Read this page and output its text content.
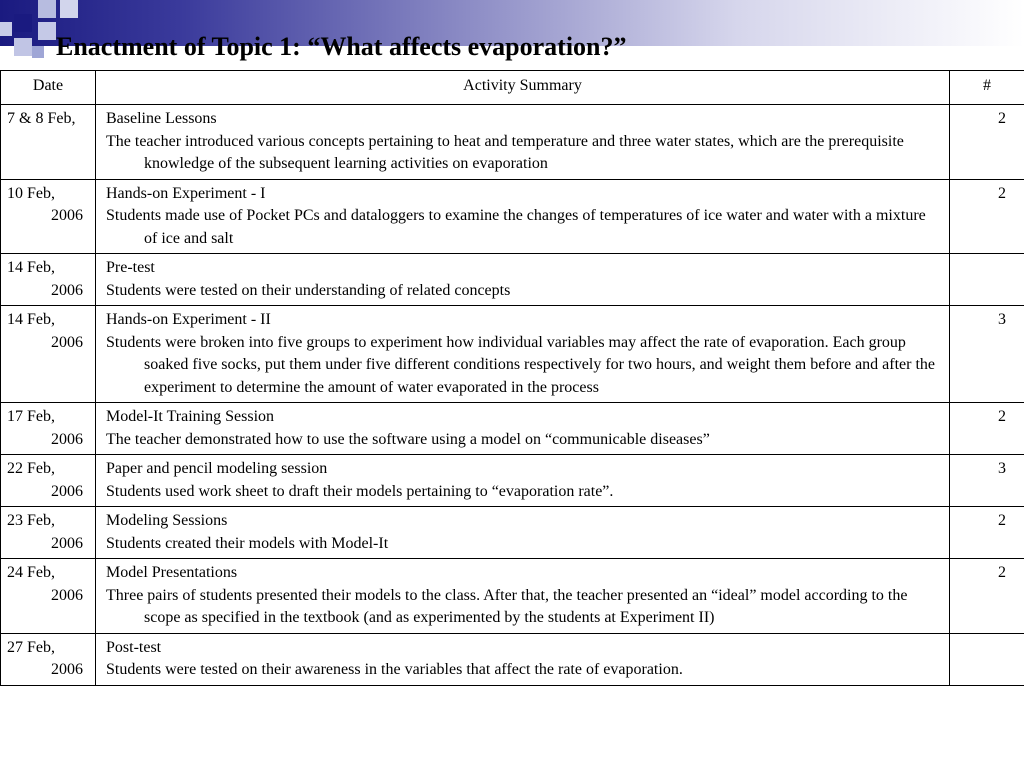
Enactment of Topic 1: “What affects evaporation?”
Date	Activity Summary	#

7 & 8 Feb,	Baseline Lessons
The teacher introduced various concepts pertaining to heat and temperature and three water states, which are the prerequisite knowledge of the subsequent learning activities on evaporation	2

10 Feb,
2006	Hands-on Experiment - I
Students made use of Pocket PCs and dataloggers to examine the changes of temperatures of ice water and water with a mixture of ice and salt	2

14 Feb,
2006	Pre-test
Students were tested on their understanding of related concepts	

14 Feb,
2006	Hands-on Experiment - II
Students were broken into five groups to experiment how individual variables may affect the rate of evaporation. Each group soaked five socks, put them under five different conditions respectively for two hours, and weight them before and after the experiment to determine the amount of water evaporated in the process	3

17 Feb,
2006	Model-It Training Session
The teacher demonstrated how to use the software using a model on “communicable diseases”	2

22 Feb,
2006	Paper and pencil modeling session
Students used work sheet to draft their models pertaining to “evaporation rate”.	3

23 Feb,
2006	Modeling Sessions
Students created their models with Model-It	2

24 Feb,
2006	Model Presentations
Three pairs of students presented their models to the class. After that, the teacher presented an “ideal” model according to the scope as specified in the textbook (and as experimented by the students at Experiment II)	2

27 Feb,
2006	Post-test
Students were tested on their awareness in the variables that affect the rate of evaporation.	
